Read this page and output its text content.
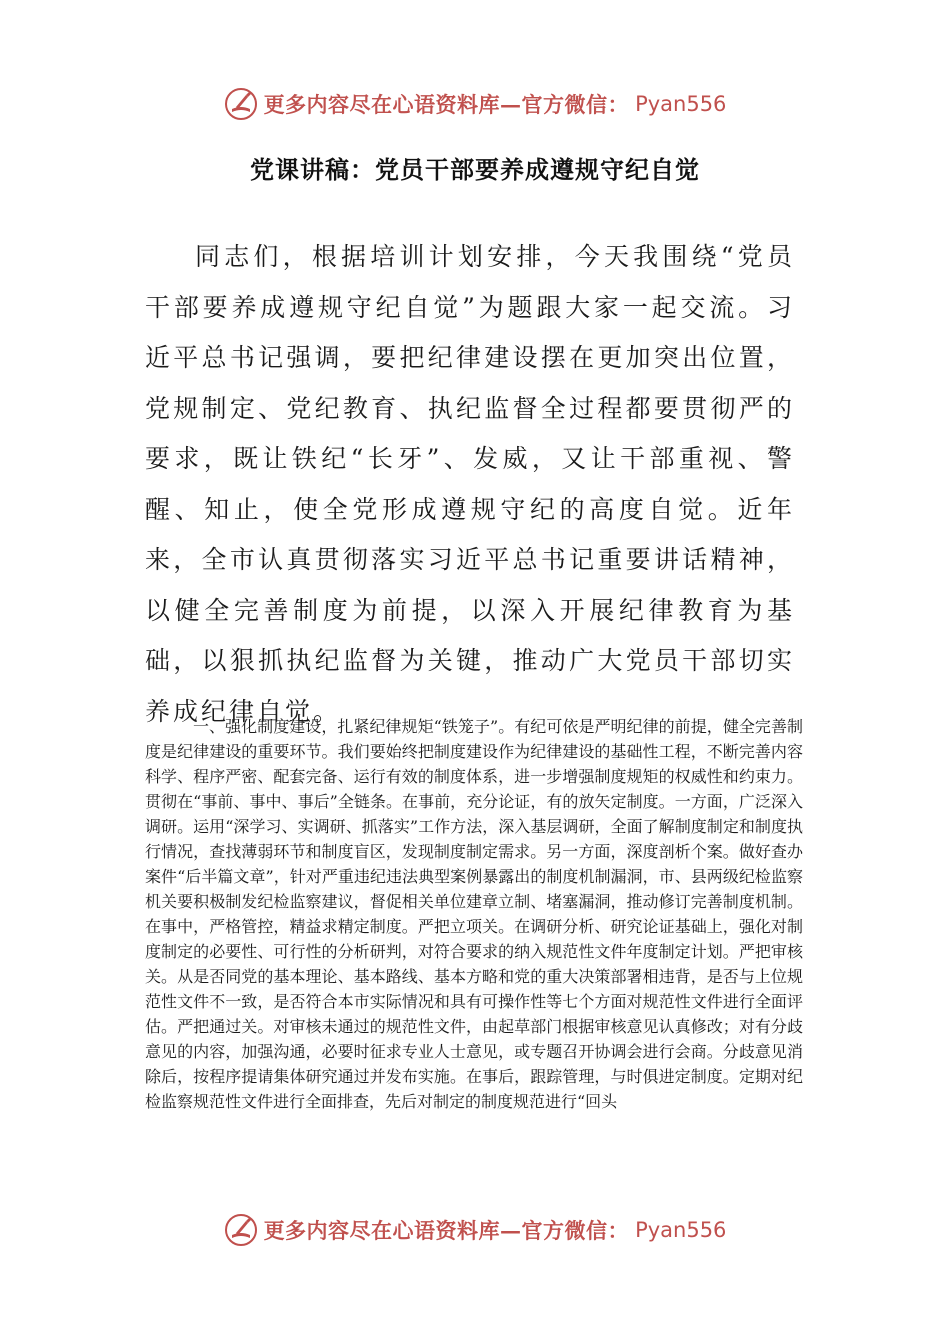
更多内容尽在心语资料库—官方微信： Pyan556
党课讲稿：党员干部要养成遵规守纪自觉

同志们，根据培训计划安排，今天我围绕“党员干部要养成遵规守纪自觉”为题跟大家一起交流。习近平总书记强调，要把纪律建设摆在更加突出位置，党规制定、党纪教育、执纪监督全过程都要贯彻严的要求，既让铁纪“长牙”、发威，又让干部重视、警醒、知止，使全党形成遵规守纪的高度自觉。近年来，全市认真贯彻落实习近平总书记重要讲话精神，以健全完善制度为前提，以深入开展纪律教育为基础，以狠抓执纪监督为关键，推动广大党员干部切实养成纪律自觉。

一、强化制度建设，扎紧纪律规矩“铁笼子”。有纪可依是严明纪律的前提，健全完善制度是纪律建设的重要环节。我们要始终把制度建设作为纪律建设的基础性工程，不断完善内容科学、程序严密、配套完备、运行有效的制度体系，进一步增强制度规矩的权威性和约束力。贯彻在“事前、事中、事后”全链条。在事前，充分论证，有的放矢定制度。一方面，广泛深入调研。运用“深学习、实调研、抓落实”工作方法，深入基层调研，全面了解制度制定和制度执行情况，查找薄弱环节和制度盲区，发现制度制定需求。另一方面，深度剖析个案。做好查办案件“后半篇文章”，针对严重违纪违法典型案例暴露出的制度机制漏洞，市、县两级纪检监察机关要积极制发纪检监察建议，督促相关单位建章立制、堵塞漏洞，推动修订完善制度机制。在事中，严格管控，精益求精定制度。严把立项关。在调研分析、研究论证基础上，强化对制度制定的必要性、可行性的分析研判，对符合要求的纳入规范性文件年度制定计划。严把审核关。从是否同党的基本理论、基本路线、基本方略和党的重大决策部署相违背，是否与上位规范性文件不一致，是否符合本市实际情况和具有可操作性等七个方面对规范性文件进行全面评估。严把通过关。对审核未通过的规范性文件，由起草部门根据审核意见认真修改；对有分歧意见的内容，加强沟通，必要时征求专业人士意见，或专题召开协调会进行会商。分歧意见消除后，按程序提请集体研究通过并发布实施。在事后，跟踪管理，与时俱进定制度。定期对纪检监察规范性文件进行全面排查，先后对制定的制度规范进行“回头

更多内容尽在心语资料库—官方微信： Pyan556
